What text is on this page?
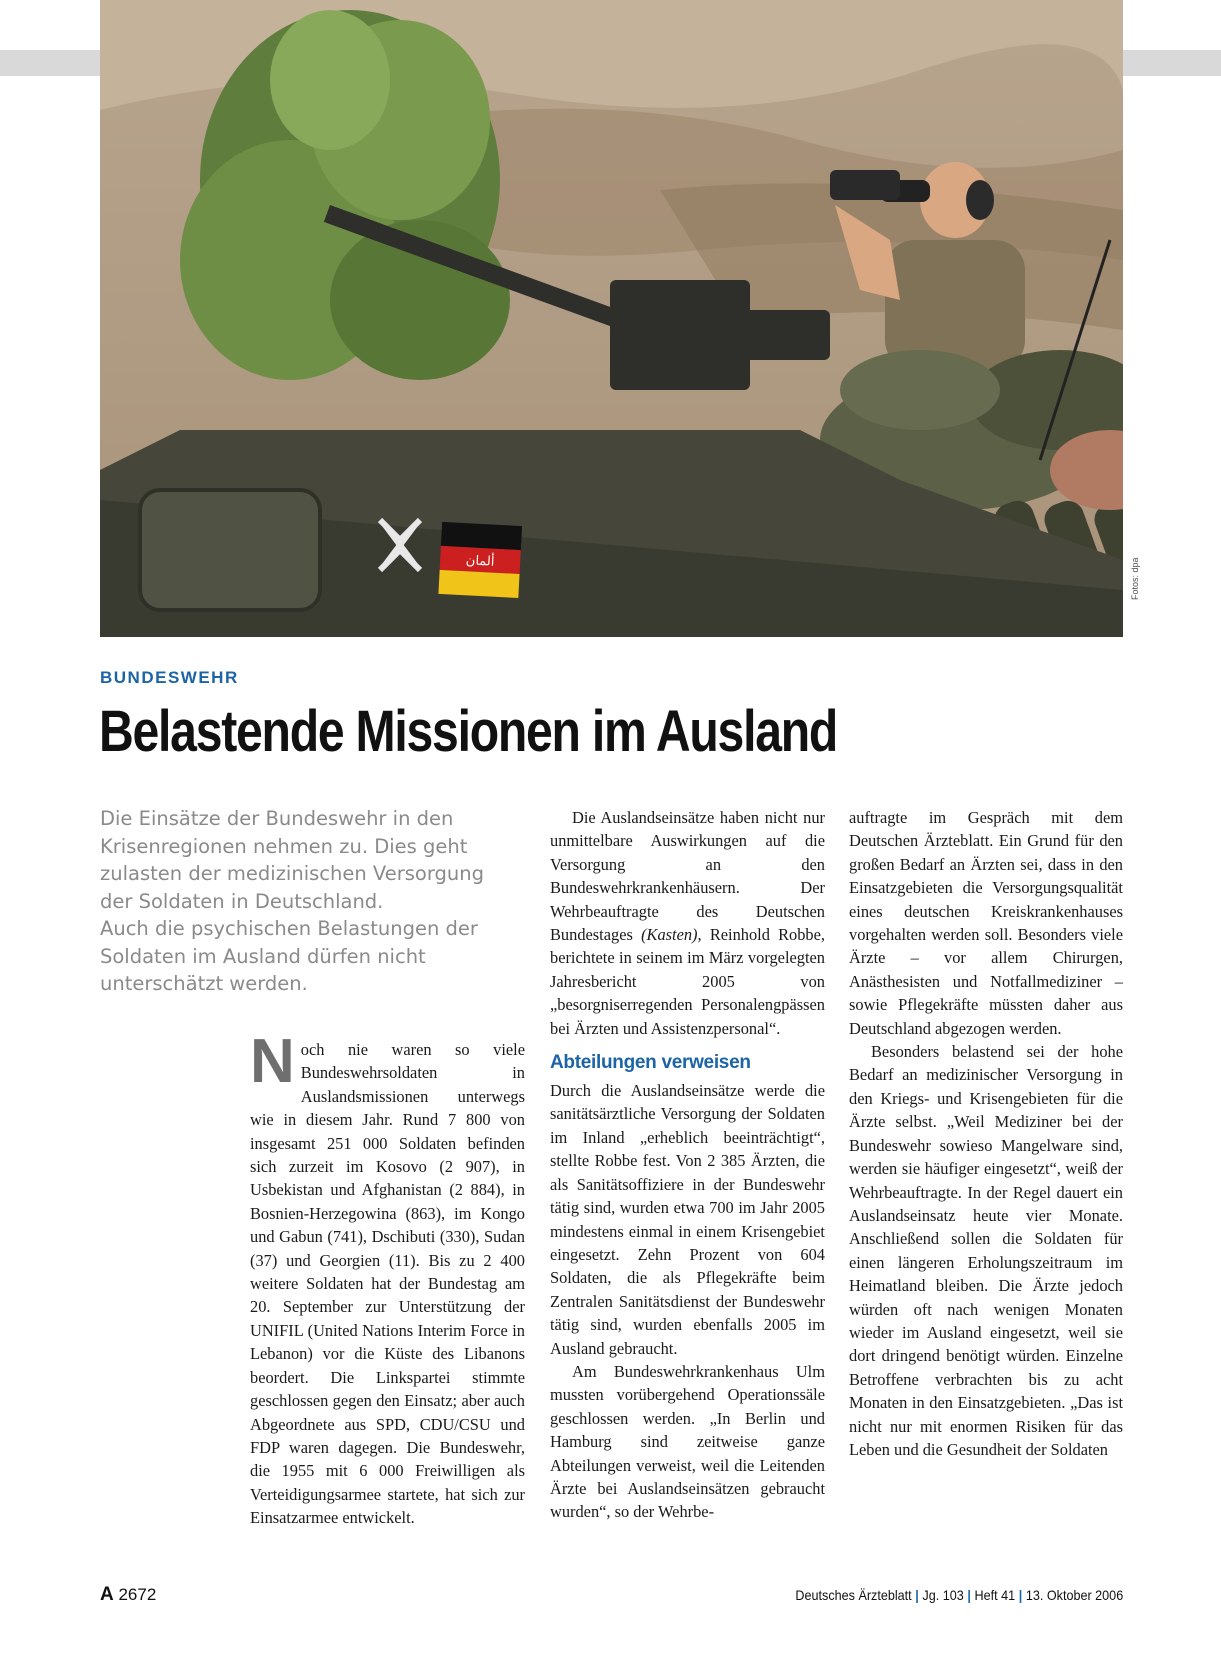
ألمان	Fotos: dpa
BUNDESWEHR
Belastende Missionen im Ausland

Die Einsätze der Bundeswehr in den Krisenregionen nehmen zu. Dies geht zulasten der medizinischen Versorgung der Soldaten in Deutschland.

Auch die psychischen Belastungen der Soldaten im Ausland dürfen nicht unterschätzt werden.

Noch nie waren so viele Bundeswehrsoldaten in Auslandsmissionen unterwegs wie in diesem Jahr. Rund 7 800 von insgesamt 251 000 Soldaten befinden sich zurzeit im Kosovo (2 907), in Usbekistan und Afghanistan (2 884), in Bosnien-Herzegowina (863), im Kongo und Gabun (741), Dschibuti (330), Sudan (37) und Georgien (11). Bis zu 2 400 weitere Soldaten hat der Bundestag am 20. September zur Unterstützung der UNIFIL (United Nations Interim Force in Lebanon) vor die Küste des Libanons beordert. Die Linkspartei stimmte geschlossen gegen den Einsatz; aber auch Abgeordnete aus SPD, CDU/CSU und FDP waren dagegen. Die Bundeswehr, die 1955 mit 6 000 Freiwilligen als Verteidigungsarmee startete, hat sich zur Einsatzarmee entwickelt.

Die Auslandseinsätze haben nicht nur unmittelbare Auswirkungen auf die Versorgung an den Bundeswehrkrankenhäusern. Der Wehrbeauftragte des Deutschen Bundestages (Kasten), Reinhold Robbe, berichtete in seinem im März vorgelegten Jahresbericht 2005 von „besorgniserregenden Personalengpässen bei Ärzten und Assistenzpersonal“.

Abteilungen verweisen

Durch die Auslandseinsätze werde die sanitätsärztliche Versorgung der Soldaten im Inland „erheblich beeinträchtigt“, stellte Robbe fest. Von 2 385 Ärzten, die als Sanitätsoffiziere in der Bundeswehr tätig sind, wurden etwa 700 im Jahr 2005 mindestens einmal in einem Krisengebiet eingesetzt. Zehn Prozent von 604 Soldaten, die als Pflegekräfte beim Zentralen Sanitätsdienst der Bundeswehr tätig sind, wurden ebenfalls 2005 im Ausland gebraucht.

Am Bundeswehrkrankenhaus Ulm mussten vorübergehend Operationssäle geschlossen werden. „In Berlin und Hamburg sind zeitweise ganze Abteilungen verweist, weil die Leitenden Ärzte bei Auslandseinsätzen gebraucht wurden“, so der Wehrbe-

auftragte im Gespräch mit dem Deutschen Ärzteblatt. Ein Grund für den großen Bedarf an Ärzten sei, dass in den Einsatzgebieten die Versorgungsqualität eines deutschen Kreiskrankenhauses vorgehalten werden soll. Besonders viele Ärzte – vor allem Chirurgen, Anästhesisten und Notfallmediziner – sowie Pflegekräfte müssten daher aus Deutschland abgezogen werden.

Besonders belastend sei der hohe Bedarf an medizinischer Versorgung in den Kriegs- und Krisengebieten für die Ärzte selbst. „Weil Mediziner bei der Bundeswehr sowieso Mangelware sind, werden sie häufiger eingesetzt“, weiß der Wehrbeauftragte. In der Regel dauert ein Auslandseinsatz heute vier Monate. Anschließend sollen die Soldaten für einen längeren Erholungszeitraum im Heimatland bleiben. Die Ärzte jedoch würden oft nach wenigen Monaten wieder im Ausland eingesetzt, weil sie dort dringend benötigt würden. Einzelne Betroffene verbrachten bis zu acht Monaten in den Einsatzgebieten. „Das ist nicht nur mit enormen Risiken für das Leben und die Gesundheit der Soldaten

A 2672	Deutsches Ärzteblatt | Jg. 103 | Heft 41 | 13. Oktober 2006
